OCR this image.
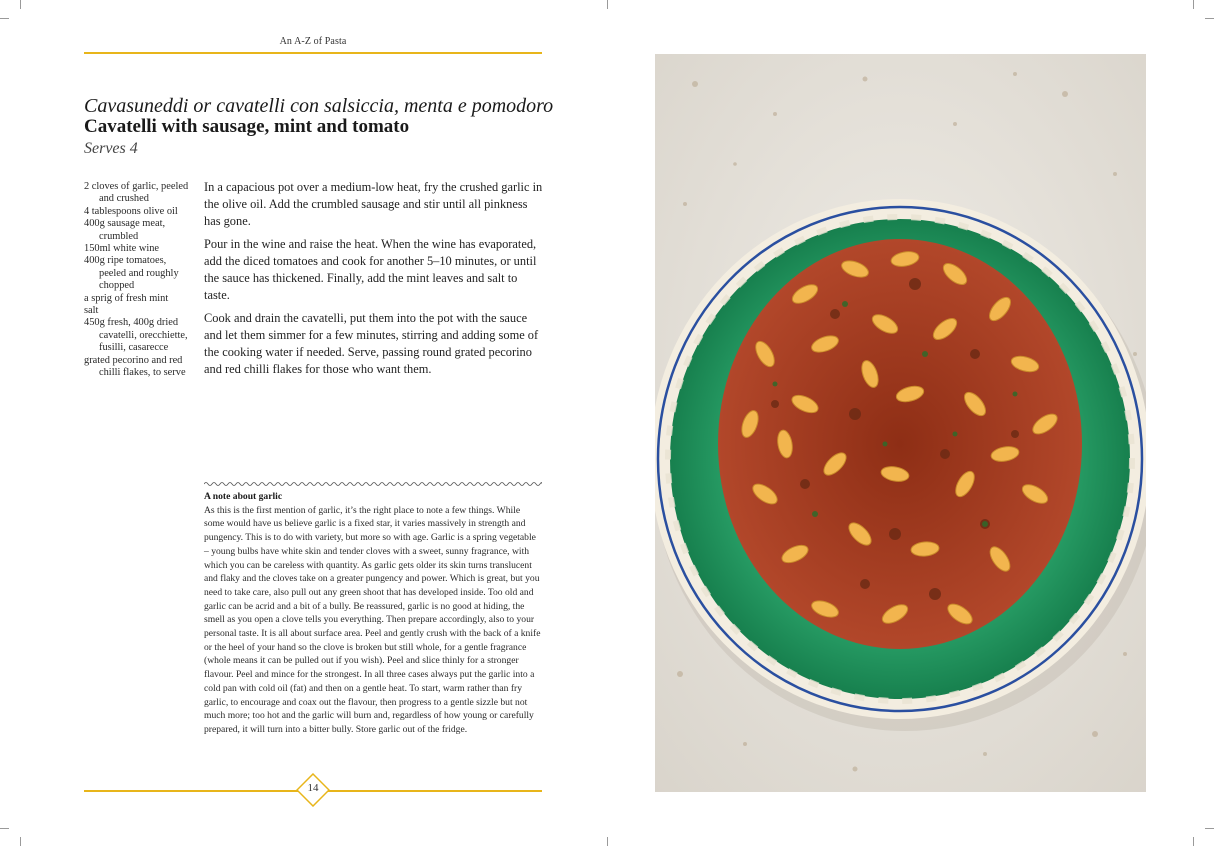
An A-Z of Pasta
Cavasuneddi or cavatelli con salsiccia, menta e pomodoro
Cavatelli with sausage, mint and tomato
Serves 4
2 cloves of garlic, peeled and crushed
4 tablespoons olive oil
400g sausage meat, crumbled
150ml white wine
400g ripe tomatoes, peeled and roughly chopped
a sprig of fresh mint
salt
450g fresh, 400g dried cavatelli, orecchiette, fusilli, casarecce
grated pecorino and red chilli flakes, to serve

In a capacious pot over a medium-low heat, fry the crushed garlic in the olive oil. Add the crumbled sausage and stir until all pinkness has gone.

Pour in the wine and raise the heat. When the wine has evaporated, add the diced tomatoes and cook for another 5–10 minutes, or until the sauce has thickened. Finally, add the mint leaves and salt to taste.

Cook and drain the cavatelli, put them into the pot with the sauce and let them simmer for a few minutes, stirring and adding some of the cooking water if needed. Serve, passing round grated pecorino and red chilli flakes for those who want them.

A note about garlic
As this is the first mention of garlic, it’s the right place to note a few things. While some would have us believe garlic is a fixed star, it varies massively in strength and pungency. This is to do with variety, but more so with age. Garlic is a spring vegetable – young bulbs have white skin and tender cloves with a sweet, sunny fragrance, with which you can be careless with quantity. As garlic gets older its skin turns translucent and flaky and the cloves take on a greater pungency and power. Which is great, but you need to take care, also pull out any green shoot that has developed inside. Too old and garlic can be acrid and a bit of a bully. Be reassured, garlic is no good at hiding, the smell as you open a clove tells you everything. Then prepare accordingly, also to your personal taste. It is all about surface area. Peel and gently crush with the back of a knife or the heel of your hand so the clove is broken but still whole, for a gentle fragrance (whole means it can be pulled out if you wish). Peel and slice thinly for a stronger flavour. Peel and mince for the strongest. In all three cases always put the garlic into a cold pan with cold oil (fat) and then on a gentle heat. To start, warm rather than fry garlic, to encourage and coax out the flavour, then progress to a gentle sizzle but not much more; too hot and the garlic will burn and, regardless of how young or carefully prepared, it will turn into a bitter bully. Store garlic out of the fridge.
14
